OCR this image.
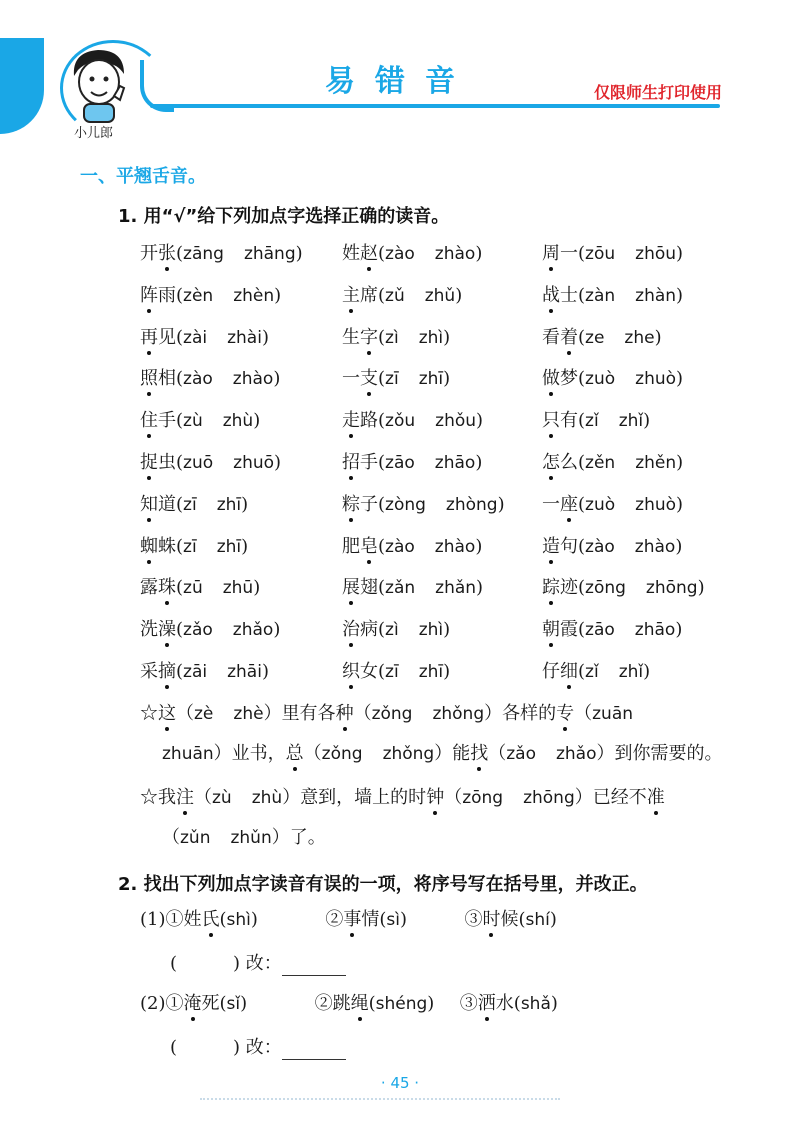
小儿郎
易错音	仅限师生打印使用
一、平翘舌音。
1. 用“√”给下列加点字选择正确的读音。
开张(zāng zhāng) 姓赵(zào zhào)	周一(zōu zhōu)
阵雨(zèn zhèn)	主席(zǔ zhǔ)	战士(zàn zhàn)
再见(zài zhài)	生字(zì zhì)	看着(ze zhe)
照相(zào zhào)	一支(zī zhī)	做梦(zuò zhuò)
住手(zù zhù)	走路(zǒu zhǒu)	只有(zǐ zhǐ)
捉虫(zuō zhuō)	招手(zāo zhāo)	怎么(zěn zhěn)
知道(zī zhī)	粽子(zòng zhòng) 一座(zuò zhuò)
蜘蛛(zī zhī)	肥皂(zào zhào)	造句(zào zhào)
露珠(zū zhū)	展翅(zǎn zhǎn)	踪迹(zōng zhōng)
洗澡(zǎo zhǎo)	治病(zì zhì)	朝霞(zāo zhāo)
采摘(zāi zhāi)	织女(zī zhī)	仔细(zǐ zhǐ)
☆这（zè zhè）里有各种（zǒng zhǒng）各样的专（zuān
zhuān）业书，总（zǒng zhǒng）能找（zǎo zhǎo）到你需要的。
☆我注（zù zhù）意到，墙上的时钟（zōng zhōng）已经不准
（zǔn zhǔn）了。
2. 找出下列加点字读音有误的一项，将序号写在括号里，并改正。
(1)①姓氏(shì)	②事情(sì)	③时候(shí)
(	) 改：
(2)①淹死(sǐ)	②跳绳(shéng)  ③洒水(shǎ)
(	) 改：
· 45 ·
